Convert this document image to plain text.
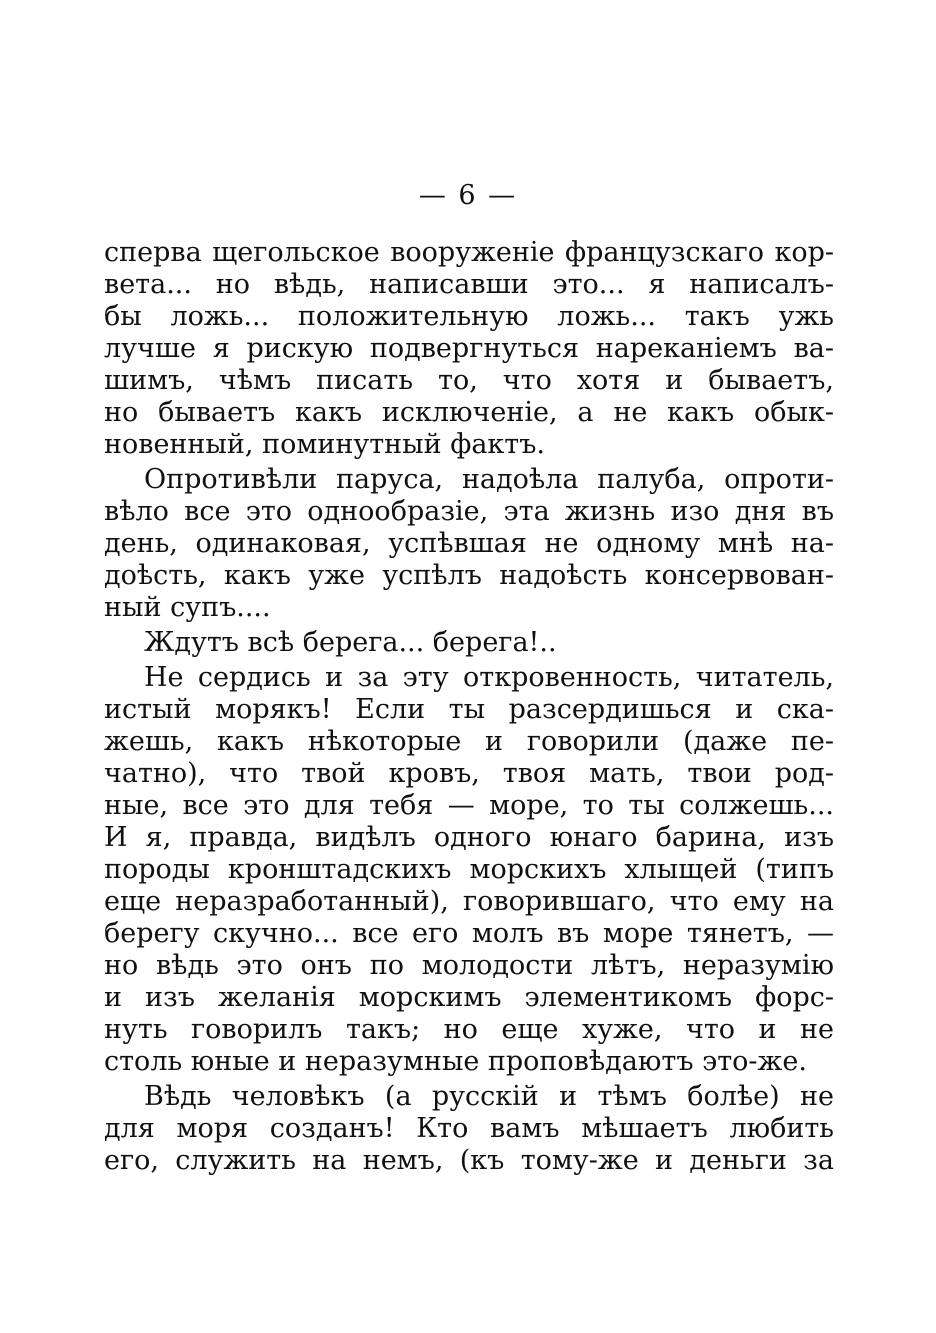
— 6 —
сперва щегольское вооруженіе французскаго кор-
вета... но вѣдь, написавши это... я написалъ-
бы ложь... положительную ложь... такъ ужь
лучше я рискую подвергнуться нареканіемъ ва-
шимъ, чѣмъ писать то, что хотя и бываетъ,
но бываетъ какъ исключеніе, а не какъ обык-
новенный, поминутный фактъ.
Опротивѣли паруса, надоѣла палуба, опроти-
вѣло все это однообразіе, эта жизнь изо дня въ
день, одинаковая, успѣвшая не одному мнѣ на-
доѣсть, какъ уже успѣлъ надоѣсть консервован-
ный супъ....
Ждутъ всѣ берега... берега!..
Не сердись и за эту откровенность, читатель,
истый морякъ! Если ты разсердишься и ска-
жешь, какъ нѣкоторые и говорили (даже пе-
чатно), что твой кровъ, твоя мать, твои род-
ные, все это для тебя — море, то ты солжешь...
И я, правда, видѣлъ одного юнаго барина, изъ
породы кронштадскихъ морскихъ хлыщей (типъ
еще неразработанный), говорившаго, что ему на
берегу скучно... все его молъ въ море тянетъ, —
но вѣдь это онъ по молодости лѣтъ, неразумію
и изъ желанія морскимъ элементикомъ форс-
нуть говорилъ такъ; но еще хуже, что и не
столь юные и неразумные проповѣдаютъ это-же.
Вѣдь человѣкъ (а русскій и тѣмъ болѣе) не
для моря созданъ! Кто вамъ мѣшаетъ любить
его, служить на немъ, (къ тому-же и деньги за
